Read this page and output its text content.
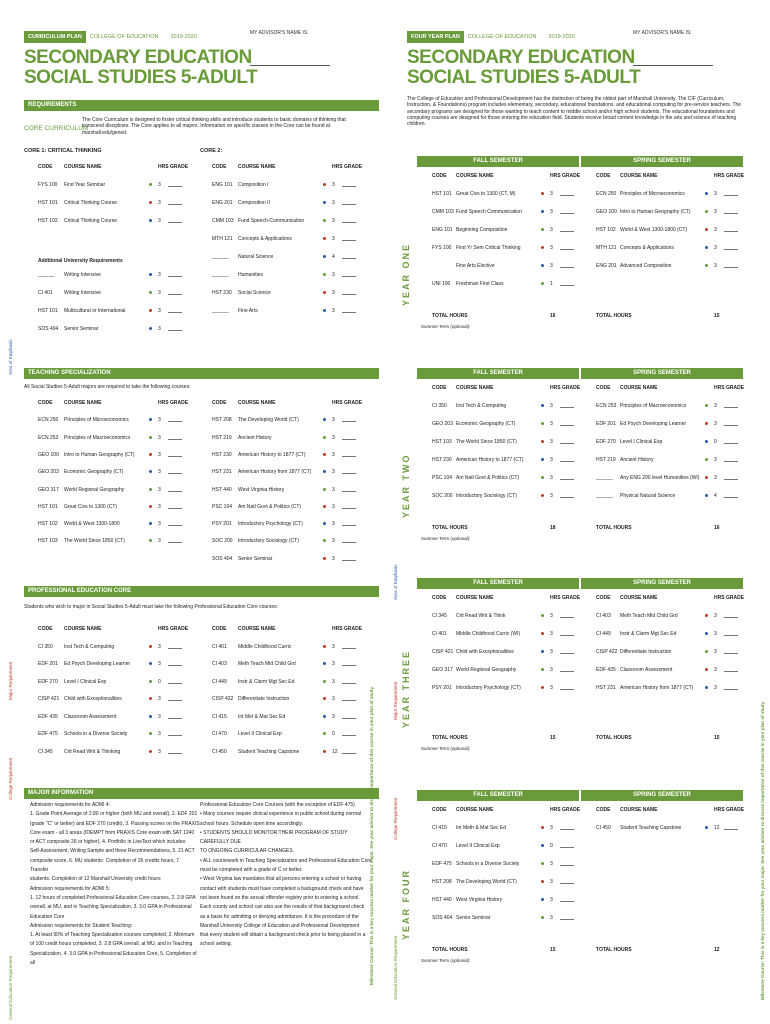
CURRICULUM PLAN	COLLEGE OF EDUCATION 2019-2020
MY ADVISOR'S NAME IS:
SECONDARY EDUCATION
SOCIAL STUDIES 5-ADULT
REQUIREMENTS
CORE CURRICULUM
The Core Curriculum is designed to foster critical thinking skills and introduce students to basic domains of thinking that transcend disciplines. The Core applies to all majors. Information on specific classes in the Core can be found at marshall.edu/gened.
CORE 1: CRITICAL THINKING	CORE 2:
CODE COURSE NAME	HRS GRADE
FYS 100 First Year Seminar	3
HST 101 Critical Thinking Course	3
HST 102 Critical Thinking Course	3
CODE COURSE NAME	HRS GRADE
ENG 101 Composition I	3
ENG 201 Composition II	3
CMM 103 Fund Speech-Communication	3
MTH 121 Concepts & Applications	3
______ Natural Science	4
______ Humanities	3
HST 230 Social Science	3
______ Fine Arts	3
Additional University Requirements
______ Writing Intensive	3
CI 401 Writing Intensive	3
HST 101 Multicultural or International	3
SOS 404 Senior Seminar	3
TEACHING SPECIALIZATION
All Social Studies 5-Adult majors are required to take the following courses:
CODE COURSE NAME	HRS GRADE
ECN 250 Principles of Microeconomics	3
ECN 253 Principles of Macroeconomics	3
GEO 100 Intro to Human Geography (CT)	3
GEO 203 Economic Geography (CT)	3
GEO 317 World Regional Geography	3
HST 101 Great Civs to 1300 (CT)	3
HST 102 World & West 1300-1800	3
HST 103 The World Since 1850 (CT)	3
CODE COURSE NAME	HRS GRADE
HST 208 The Developing World (CT)	3
HST 219 Ancient History	3
HST 230 American History to 1877 (CT)	3
HST 231 American History from 1877 (CT)	3
HST 440 West Virginia History	3
PSC 104 Am Natl Govt & Politics (CT)	3
PSY 201 Introductory Psychology (CT)	3
SOC 200 Introductory Sociology (CT)	3
SOS 404 Senior Seminar	3
PROFESSIONAL EDUCATION CORE
Students who wish to major in Social Studies 5-Adult must take the following Professional Education Core courses:
CODE COURSE NAME	HRS GRADE
CI 350 Inst Tech & Computing	3
EDF 201 Ed Psych Developing Learner	3
EDF 270 Level I Clinical Exp	0
CISP 421 Child with Exceptionalities	3
EDF 435 Classroom Assessment	3
EDF 475 Schools in a Diverse Society	3
CI 345 Crit Read Writ & Thinking	3
CODE COURSE NAME	HRS GRADE
CI 401 Middle Childhood Curric	3
CI 403 Meth Teach Mid Child Grd	3
CI 449 Instr & Clarm Mgt Sec Ed	3
CISP 422 Differentiate Instruction	3
CI 415 Int Met & Mat Sec Ed	3
CI 470 Level II Clinical Exp	0
CI 450 Student Teaching Capstone	12
MAJOR INFORMATION
Admission requirements for ADMI 4:
1. Grade Point Average of 2.80 or higher (both MU and overall), 2. EDF 201
(grade "C" or better) and EDF 270 (credit), 3. Passing scores on the PRAXIS
Core exam - all 3 areas (IDEMPT from PRAXIS Core exam with SAT 1240
or ACT composite 26 or higher), 4. Portfolio in LiveText which includes:
Self-Assessment, Writing Sample and three Recommendations, 5. 21 ACT
composite score, 6. MU students: Completion of 26 credits hours, 7. Transfer
students: Completion of 12 Marshall University credit hours
Admission requirements for ADMI 5:
1. 12 hours of completed Professional Education Core courses, 2. 2.8 GPA
overall, at MU, and in Teaching Specialization, 3. 3.0 GPA in Professional
Education Core
Admission requirements for Student Teaching:
1. At least 90% of Teaching Specialization courses completed, 2. Minimum
of 100 credit hours completed, 3. 2.8 GPA overall, at MU, and in Teaching
Specialization, 4. 3.0 GPA in Professional Education Core, 5. Completion of all
Professional Education Core Courses (with the exception of EDF 475)
• Many courses require clinical experience in public school during normal
school hours. Schedule open time accordingly.
• STUDENTS SHOULD MONITOR THEIR PROGRAM OF STUDY CAREFULLY DUE
TO ONGOING CURRICULAR CHANGES.
• ALL coursework in Teaching Specialization and Professional Education Core
must be completed with a grade of C or better.
• West Virginia law mandates that all persons entering a school or having
contact with students must have completed a background check and have
not been found on the sexual offender registry prior to entering a school.
Each county and school can also use the results of that background check
as a basis for admitting or denying admittance. It is the procedure of the
Marshall University College of Education and Professional Development
that every student will obtain a background check prior to being placed in a
school setting.
Area of Emphasis
Major Requirement
College Requirement
General Education Requirement
Milestone Course: This is a key success marker for your major. See your advisor to discuss importance of this course in your plan of study.
FOUR YEAR PLAN	COLLEGE OF EDUCATION 2019-2020
MY ADVISOR'S NAME IS:
SECONDARY EDUCATION
SOCIAL STUDIES 5-ADULT
The College of Education and Professional Development has the distinction of being the oldest part of Marshall University. The CIF (Curriculum, Instruction, & Foundations) program includes elementary, secondary, educational foundations, and educational computing for pre-service teachers. The secondary programs are designed for those wanting to teach content to middle school and/or high school students. The educational foundations and computing courses are designed for those entering the education field. Students receive broad content knowledge in the arts and science of teaching children.
FALL SEMESTER	SPRING SEMESTER
YEAR ONE
CODE COURSE NAME	HRS GRADE
HST 101 Great Civs to 1300 (CT, M)	3
CMM 103 Fund Speech Communication	3
ENG 101 Beginning Composition	3
FYS 100 First Yr Sem Critical Thinking	3
Fine Arts Elective	3
UNI 100 Freshman First Class	1
CODE COURSE NAME	HRS GRADE
ECN 250 Principles of Microeconomics	3
GEO 100 Intro to Human Geography (CT)	3
HST 102 World & West 1300-1800 (CT)	3
MTH 121 Concepts & Applications	3
ENG 201 Advanced Composition	3
TOTAL HOURS	16	TOTAL HOURS	15
Summer Term (optional):
FALL SEMESTER	SPRING SEMESTER
YEAR TWO
CODE COURSE NAME	HRS GRADE
CI 350 Inst Tech & Computing	3
GEO 203 Economic Geography (CT)	3
HST 103 The World Since 1850 (CT)	3
HST 230 American History to 1877 (CT)	3
PSC 104 Am Natl Govt & Politics (CT)	3
SOC 200 Introductory Sociology (CT)	3
CODE COURSE NAME	HRS GRADE
ECN 253 Principles of Macroeconomics	3
EDF 201 Ed Psych Developing Learner	3
EDF 270 Level I Clinical Exp	0
HST 219 Ancient History	3
______ Any ENG 200 level Humanities (WI)	3
______ Physical Natural Science	4
TOTAL HOURS	18	TOTAL HOURS	16
Summer Term (optional):
FALL SEMESTER	SPRING SEMESTER
YEAR THREE
CODE COURSE NAME	HRS GRADE
CI 345 Crit Read Writ & Think	3
CI 401 Middle Childhood Curric (WI)	3
CISP 421 Child with Exceptionalities	3
GEO 317 World Regional Geography	3
PSY 201 Introductory Psychology (CT)	3
CODE COURSE NAME	HRS GRADE
CI 403 Meth Teach Mid Child Grd	3
CI 449 Instr & Clarm Mgt Sec Ed	3
CISP 422 Differentiate Instruction	3
EDF 435 Classroom Assessment	3
HST 231 American History from 1877 (CT)	3
TOTAL HOURS	15	TOTAL HOURS	15
Summer Term (optional):
FALL SEMESTER	SPRING SEMESTER
YEAR FOUR
CODE COURSE NAME	HRS GRADE
CI 415 Int Meth & Mat Sec Ed	3
CI 470 Level II Clinical Exp	0
EDF 475 Schools in a Diverse Society	3
HST 208 The Developing World (CT)	3
HST 440 West Virginia History	3
SOS 404 Senior Seminar	3
CODE COURSE NAME	HRS GRADE
CI 450 Student Teaching Capstone	12
TOTAL HOURS	15	TOTAL HOURS	12
Summer Term (optional):
Area of Emphasis
Major Requirement
College Requirement
General Education Requirement	Milestone Course: This is a key success marker for your major. See your advisor to discuss importance of this course in your plan of study.
